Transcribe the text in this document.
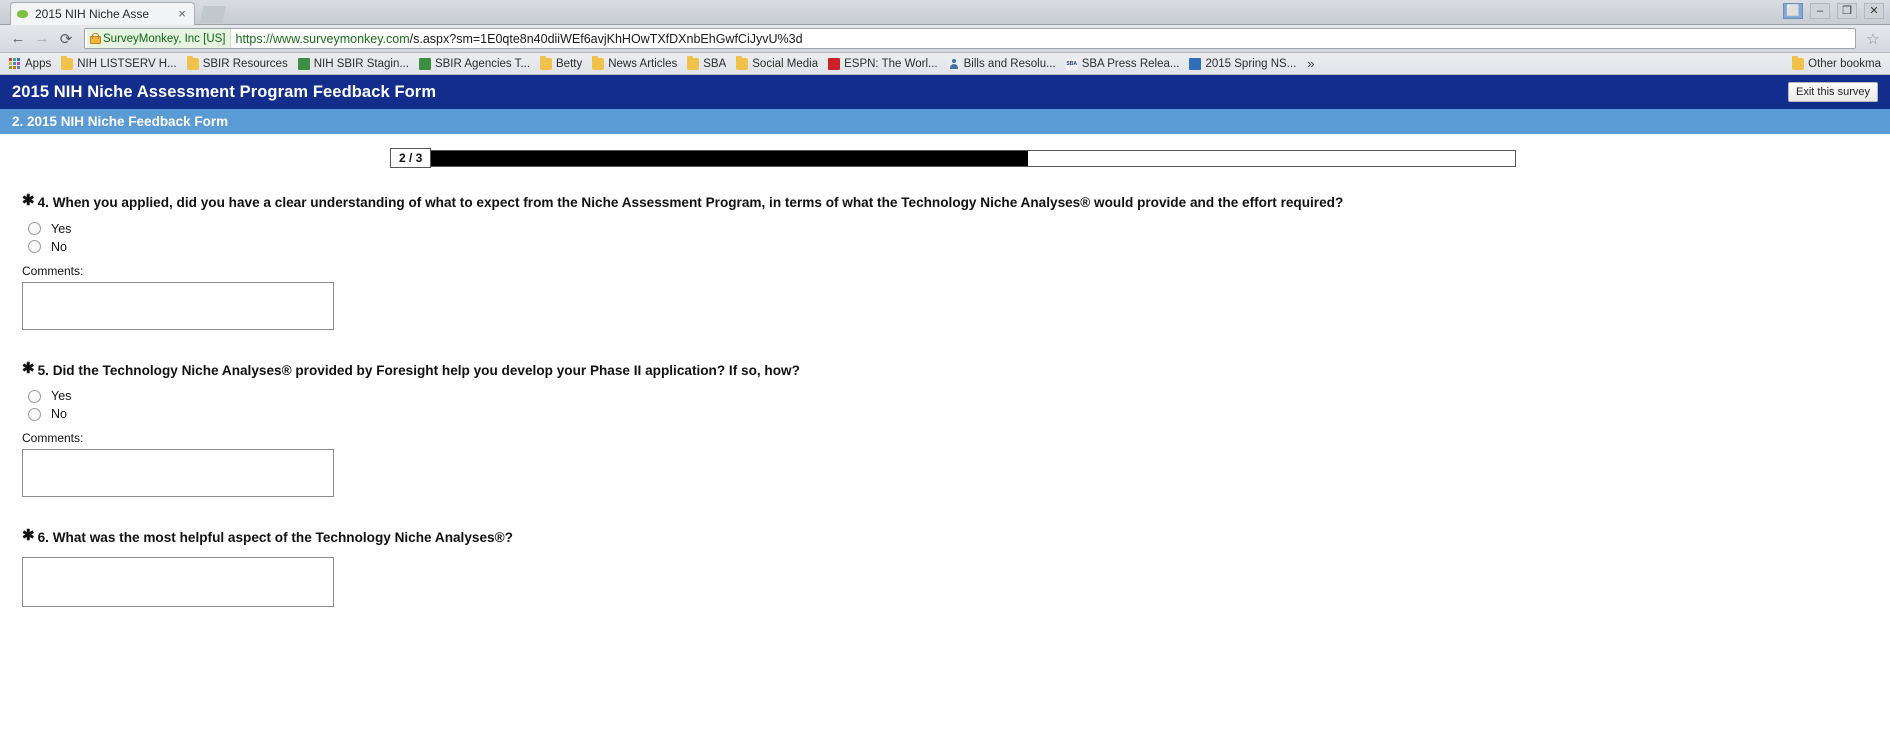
2015 NIH Niche Asse	×	⬜	–	❐	✕
← → ⟳	SurveyMonkey, Inc [US] https://www.surveymonkey.com/s.aspx?sm=1E0qte8n40diiWEf6avjKhHOwTXfDXnbEhGwfCiJyvU%3d	☆
Apps NIH LISTSERV H... SBIR Resources NIH SBIR Stagin... SBIR Agencies T... Betty News Articles SBA Social Media ESPN: The Worl... Bills and Resolu... SBA SBA Press Relea... 2015 Spring NS... »	Other bookma
2015 NIH Niche Assessment Program Feedback Form	Exit this survey
2. 2015 NIH Niche Feedback Form
2 / 3
✱ 4.
When you applied, did you have a clear understanding of what to expect from the Niche Assessment Program, in terms of what the Technology Niche Analyses® would provide and the effort required?
Yes
No
Comments:
✱ 5.
Did the Technology Niche Analyses® provided by Foresight help you develop your Phase II application? If so, how?
Yes
No
Comments:
✱ 6.
What was the most helpful aspect of the Technology Niche Analyses®?
